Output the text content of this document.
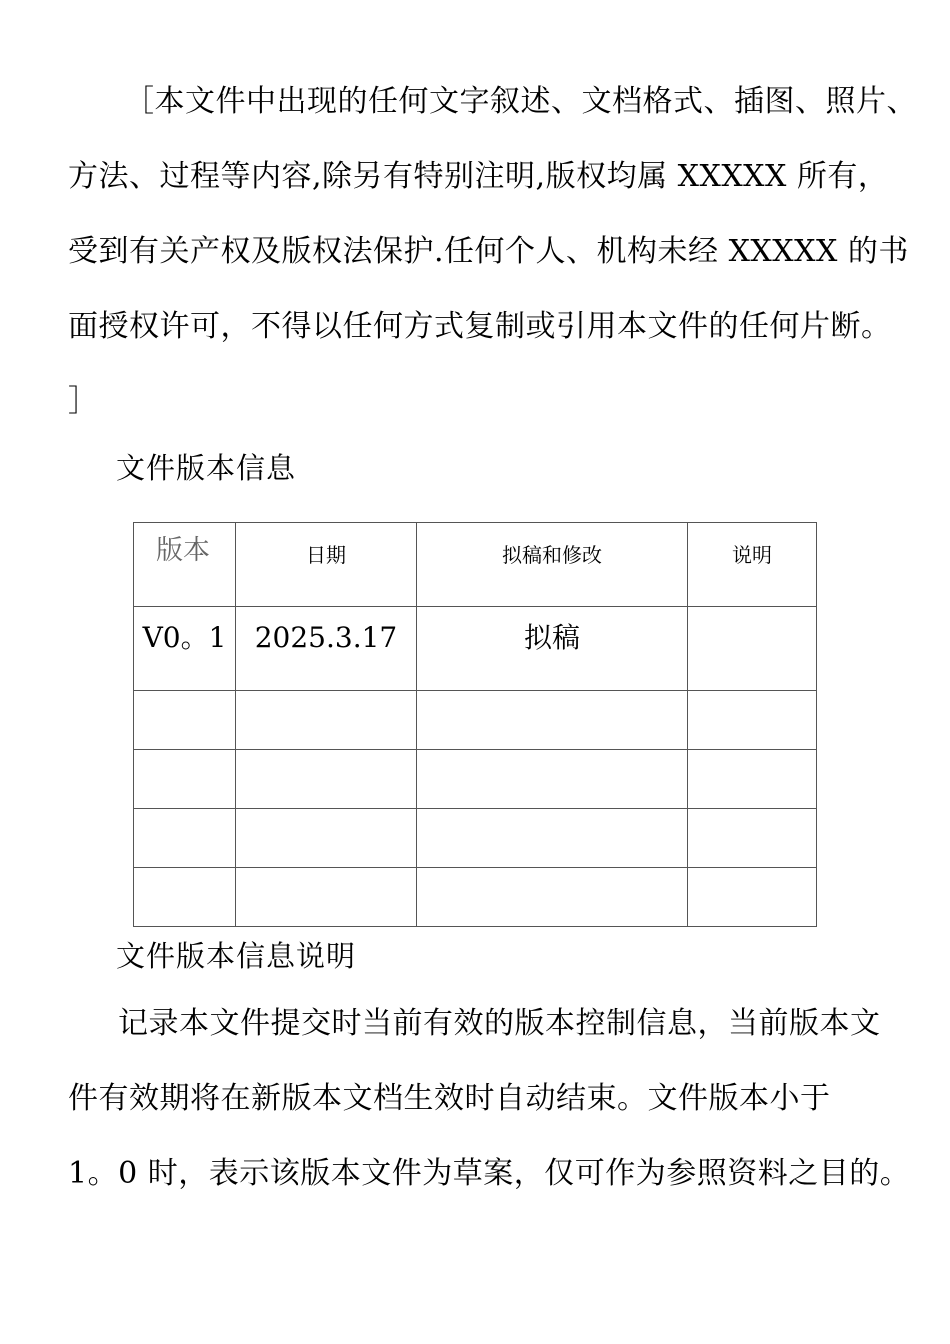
［本文件中出现的任何文字叙述、文档格式、插图、照片、
方法、过程等内容,除另有特别注明,版权均属 XXXXX 所有，
受到有关产权及版权法保护.任何个人、机构未经 XXXXX 的书
面授权许可，不得以任何方式复制或引用本文件的任何片断。
］
文件版本信息
版本	日期	拟稿和修改	说明

V0。1	2025.3.17	拟稿	

文件版本信息说明
记录本文件提交时当前有效的版本控制信息，当前版本文
件有效期将在新版本文档生效时自动结束。文件版本小于
1。0 时，表示该版本文件为草案，仅可作为参照资料之目的。
